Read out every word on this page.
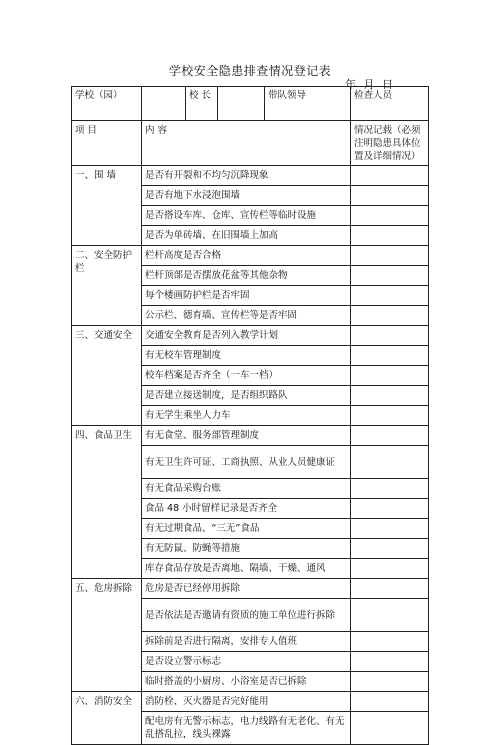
学校安全隐患排查情况登记表
年 月 日
学校（园）		校 长		带队领导	检查人员
项 目	内 容				情况记载（必须注明隐患具体位置及详细情况）
一、围 墙	是否有开裂和不均匀沉降现象				
	是否有地下水浸泡围墙				
	是否搭设车库、仓库、宣传栏等临时设施				
	是否为单砖墙、在旧围墙上加高				
二、安全防护栏	栏杆高度是否合格				
	栏杆顶部是否摆放花盆等其他杂物				
	每个楼画防护栏是否牢固				
	公示栏、德育墙、宣传栏等是否牢固				
三、交通安全	交通安全教育是否列入教学计划				
	有无校车管理制度				
	校车档案是否齐全（一车一档）				
	是否建立接送制度，是否组织路队				
	有无学生乘坐人力车				
四、食品卫生	有无食堂、服务部管理制度				
	有无卫生许可证、工商执照、从业人员健康证				
	有无食品采购台账				
	食品 48 小时留样记录是否齐全				
	有无过期食品、“三无”食品				
	有无防鼠、防蝇等措施				
	库存食品存放是否离地、隔墙、干燥、通风				
五、危房拆除	危房是否已经停用拆除				
	是否依法是否邀请有资质的施工单位进行拆除				
	拆除前是否进行隔离，安排专人值班				
	是否设立警示标志				
	临时搭盖的小厨房、小浴室是否已拆除				
六、消防安全	消防栓、灭火器是否完好能用				
	配电房有无警示标志，电力线路有无老化、有无乱搭乱拉，线头裸露				
